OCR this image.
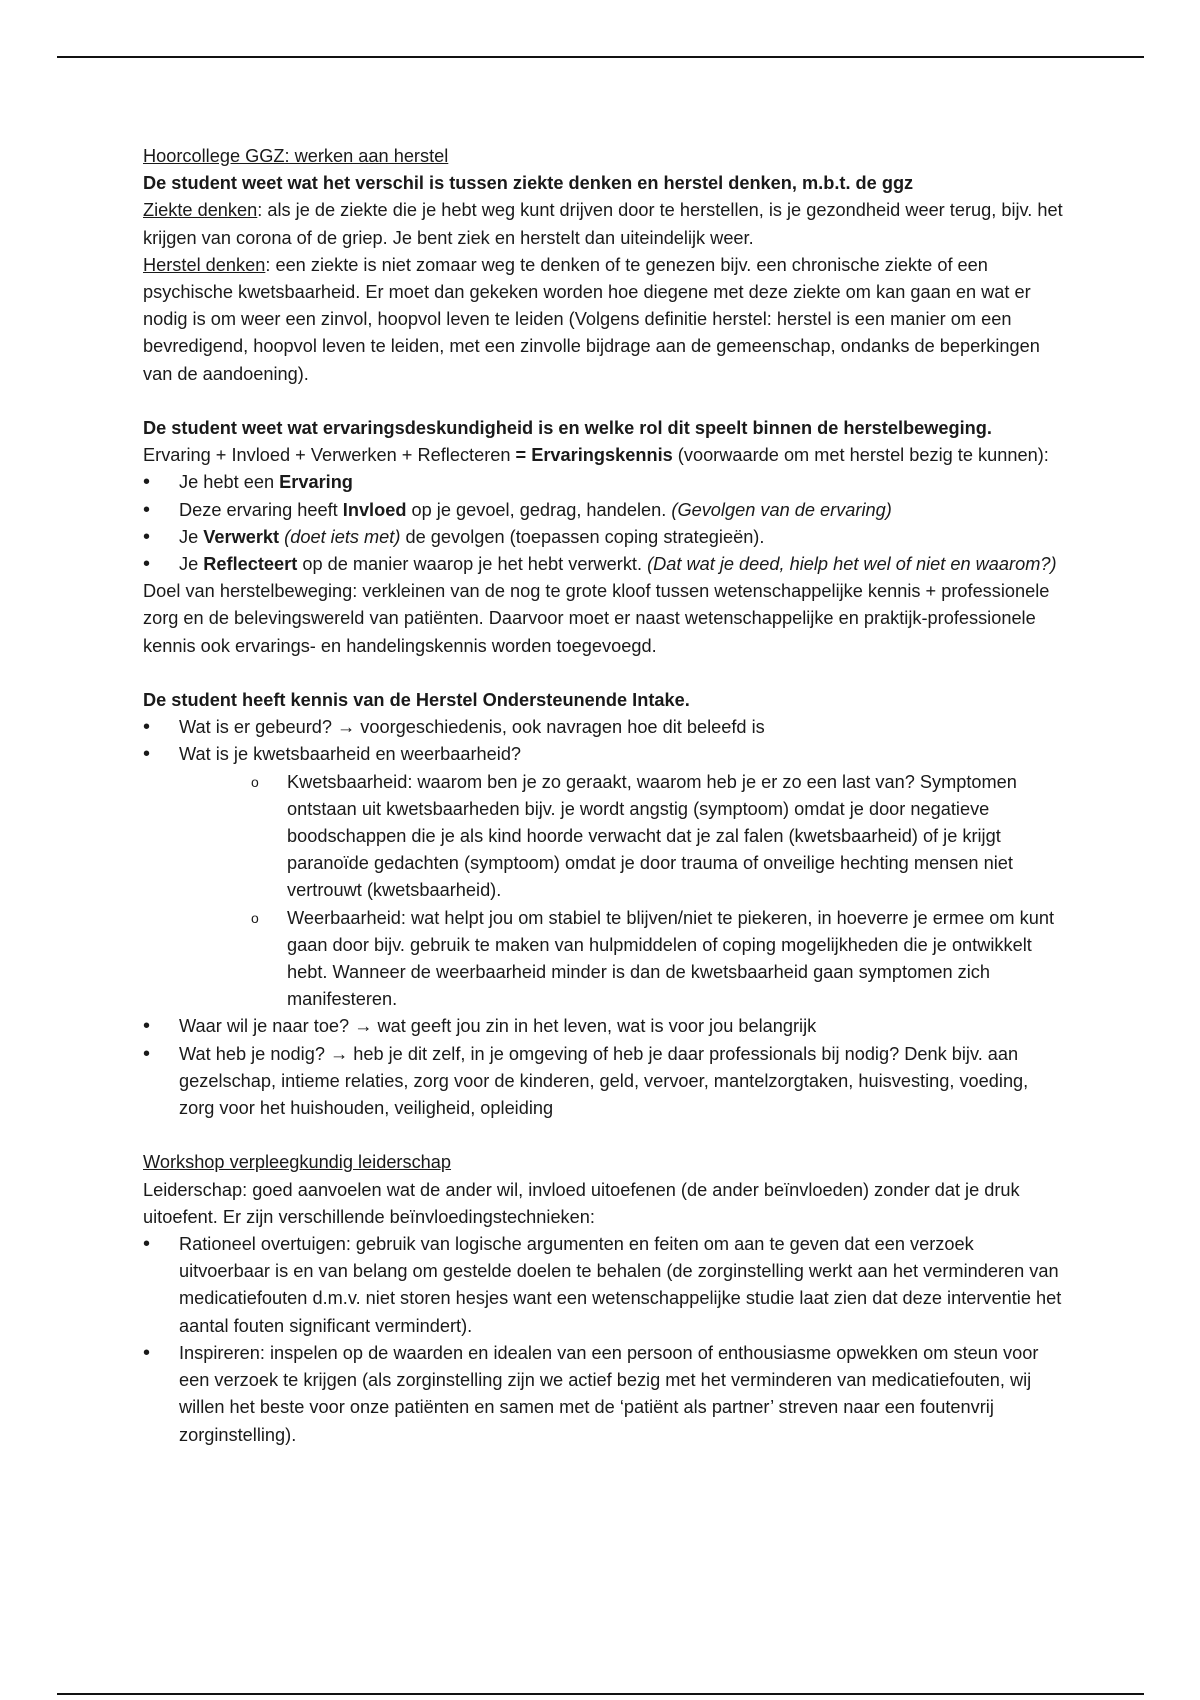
Hoorcollege GGZ: werken aan herstel

De student weet wat het verschil is tussen ziekte denken en herstel denken, m.b.t. de ggz

Ziekte denken: als je de ziekte die je hebt weg kunt drijven door te herstellen, is je gezondheid weer terug, bijv. het krijgen van corona of de griep. Je bent ziek en herstelt dan uiteindelijk weer.

Herstel denken: een ziekte is niet zomaar weg te denken of te genezen bijv. een chronische ziekte of een psychische kwetsbaarheid. Er moet dan gekeken worden hoe diegene met deze ziekte om kan gaan en wat er nodig is om weer een zinvol, hoopvol leven te leiden (Volgens definitie herstel: herstel is een manier om een bevredigend, hoopvol leven te leiden, met een zinvolle bijdrage aan de gemeenschap, ondanks de beperkingen van de aandoening).

De student weet wat ervaringsdeskundigheid is en welke rol dit speelt binnen de herstelbeweging.

Ervaring + Invloed + Verwerken + Reflecteren = Ervaringskennis (voorwaarde om met herstel bezig te kunnen):

• Je hebt een Ervaring
• Deze ervaring heeft Invloed op je gevoel, gedrag, handelen. (Gevolgen van de ervaring)
• Je Verwerkt (doet iets met) de gevolgen (toepassen coping strategieën).
• Je Reflecteert op de manier waarop je het hebt verwerkt. (Dat wat je deed, hielp het wel of niet en waarom?)

Doel van herstelbeweging: verkleinen van de nog te grote kloof tussen wetenschappelijke kennis + professionele zorg en de belevingswereld van patiënten. Daarvoor moet er naast wetenschappelijke en praktijk-professionele kennis ook ervarings- en handelingskennis worden toegevoegd.

De student heeft kennis van de Herstel Ondersteunende Intake.

• Wat is er gebeurd? → voorgeschiedenis, ook navragen hoe dit beleefd is
• Wat is je kwetsbaarheid en weerbaarheid?
o Kwetsbaarheid: waarom ben je zo geraakt, waarom heb je er zo een last van? Symptomen ontstaan uit kwetsbaarheden bijv. je wordt angstig (symptoom) omdat je door negatieve boodschappen die je als kind hoorde verwacht dat je zal falen (kwetsbaarheid) of je krijgt paranoïde gedachten (symptoom) omdat je door trauma of onveilige hechting mensen niet vertrouwt (kwetsbaarheid).
o Weerbaarheid: wat helpt jou om stabiel te blijven/niet te piekeren, in hoeverre je ermee om kunt gaan door bijv. gebruik te maken van hulpmiddelen of coping mogelijkheden die je ontwikkelt hebt. Wanneer de weerbaarheid minder is dan de kwetsbaarheid gaan symptomen zich manifesteren.
• Waar wil je naar toe? → wat geeft jou zin in het leven, wat is voor jou belangrijk
• Wat heb je nodig? → heb je dit zelf, in je omgeving of heb je daar professionals bij nodig? Denk bijv. aan gezelschap, intieme relaties, zorg voor de kinderen, geld, vervoer, mantelzorgtaken, huisvesting, voeding, zorg voor het huishouden, veiligheid, opleiding

Workshop verpleegkundig leiderschap

Leiderschap: goed aanvoelen wat de ander wil, invloed uitoefenen (de ander beïnvloeden) zonder dat je druk uitoefent. Er zijn verschillende beïnvloedingstechnieken:

• Rationeel overtuigen: gebruik van logische argumenten en feiten om aan te geven dat een verzoek uitvoerbaar is en van belang om gestelde doelen te behalen (de zorginstelling werkt aan het verminderen van medicatiefouten d.m.v. niet storen hesjes want een wetenschappelijke studie laat zien dat deze interventie het aantal fouten significant vermindert).
• Inspireren: inspelen op de waarden en idealen van een persoon of enthousiasme opwekken om steun voor een verzoek te krijgen (als zorginstelling zijn we actief bezig met het verminderen van medicatiefouten, wij willen het beste voor onze patiënten en samen met de ‘patiënt als partner’ streven naar een foutenvrij zorginstelling).
